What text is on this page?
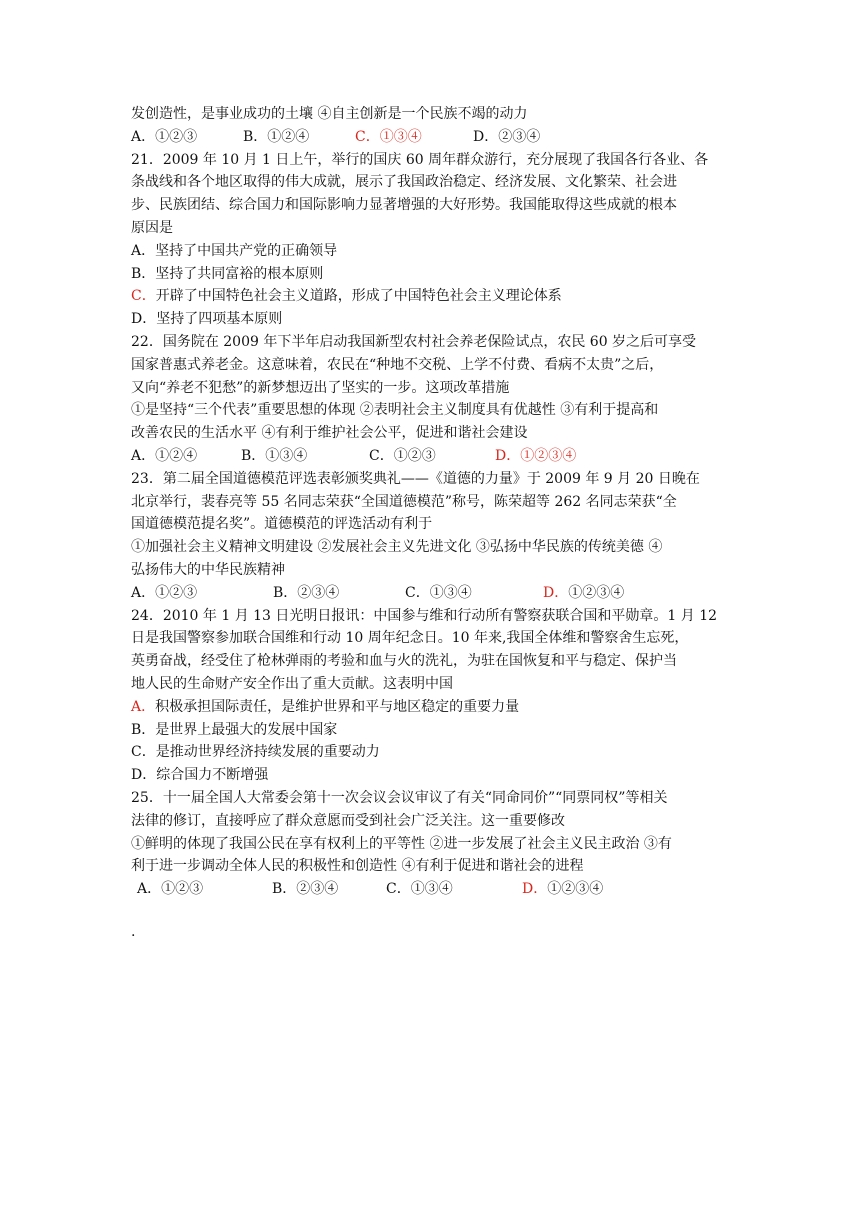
发创造性，是事业成功的土壤 ④自主创新是一个民族不竭的动力
A．①②③	B．①②④	C．①③④	D．②③④
21．2009 年 10 月 1 日上午，举行的国庆 60 周年群众游行，充分展现了我国各行各业、各
条战线和各个地区取得的伟大成就，展示了我国政治稳定、经济发展、文化繁荣、社会进
步、民族团结、综合国力和国际影响力显著增强的大好形势。我国能取得这些成就的根本
原因是
A．坚持了中国共产党的正确领导
B．坚持了共同富裕的根本原则
C．开辟了中国特色社会主义道路，形成了中国特色社会主义理论体系
D．坚持了四项基本原则
22．国务院在 2009 年下半年启动我国新型农村社会养老保险试点，农民 60 岁之后可享受
国家普惠式养老金。这意味着，农民在“种地不交税、上学不付费、看病不太贵”之后，
又向“养老不犯愁”的新梦想迈出了坚实的一步。这项改革措施
①是坚持“三个代表”重要思想的体现 ②表明社会主义制度具有优越性 ③有利于提高和
改善农民的生活水平 ④有利于维护社会公平，促进和谐社会建设
A．①②④	B．①③④	C．①②③	D．①②③④
23．第二届全国道德模范评选表彰颁奖典礼——《道德的力量》于 2009 年 9 月 20 日晚在
北京举行，裴春亮等 55 名同志荣获“全国道德模范”称号，陈荣超等 262 名同志荣获“全
国道德模范提名奖”。道德模范的评选活动有利于
①加强社会主义精神文明建设 ②发展社会主义先进文化 ③弘扬中华民族的传统美德 ④
弘扬伟大的中华民族精神
A．①②③	B．②③④	C．①③④	D．①②③④
24．2010 年 1 月 13 日光明日报讯：中国参与维和行动所有警察获联合国和平勋章。1 月 12
日是我国警察参加联合国维和行动 10 周年纪念日。10 年来,我国全体维和警察舍生忘死，
英勇奋战，经受住了枪林弹雨的考验和血与火的洗礼，为驻在国恢复和平与稳定、保护当
地人民的生命财产安全作出了重大贡献。这表明中国
A．积极承担国际责任，是维护世界和平与地区稳定的重要力量
B．是世界上最强大的发展中国家
C．是推动世界经济持续发展的重要动力
D．综合国力不断增强
25．十一届全国人大常委会第十一次会议会议审议了有关“同命同价”“同票同权”等相关
法律的修订，直接呼应了群众意愿而受到社会广泛关注。这一重要修改
①鲜明的体现了我国公民在享有权利上的平等性 ②进一步发展了社会主义民主政治 ③有
利于进一步调动全体人民的积极性和创造性 ④有利于促进和谐社会的进程
A．①②③	B．②③④	C．①③④	D．①②③④
.
